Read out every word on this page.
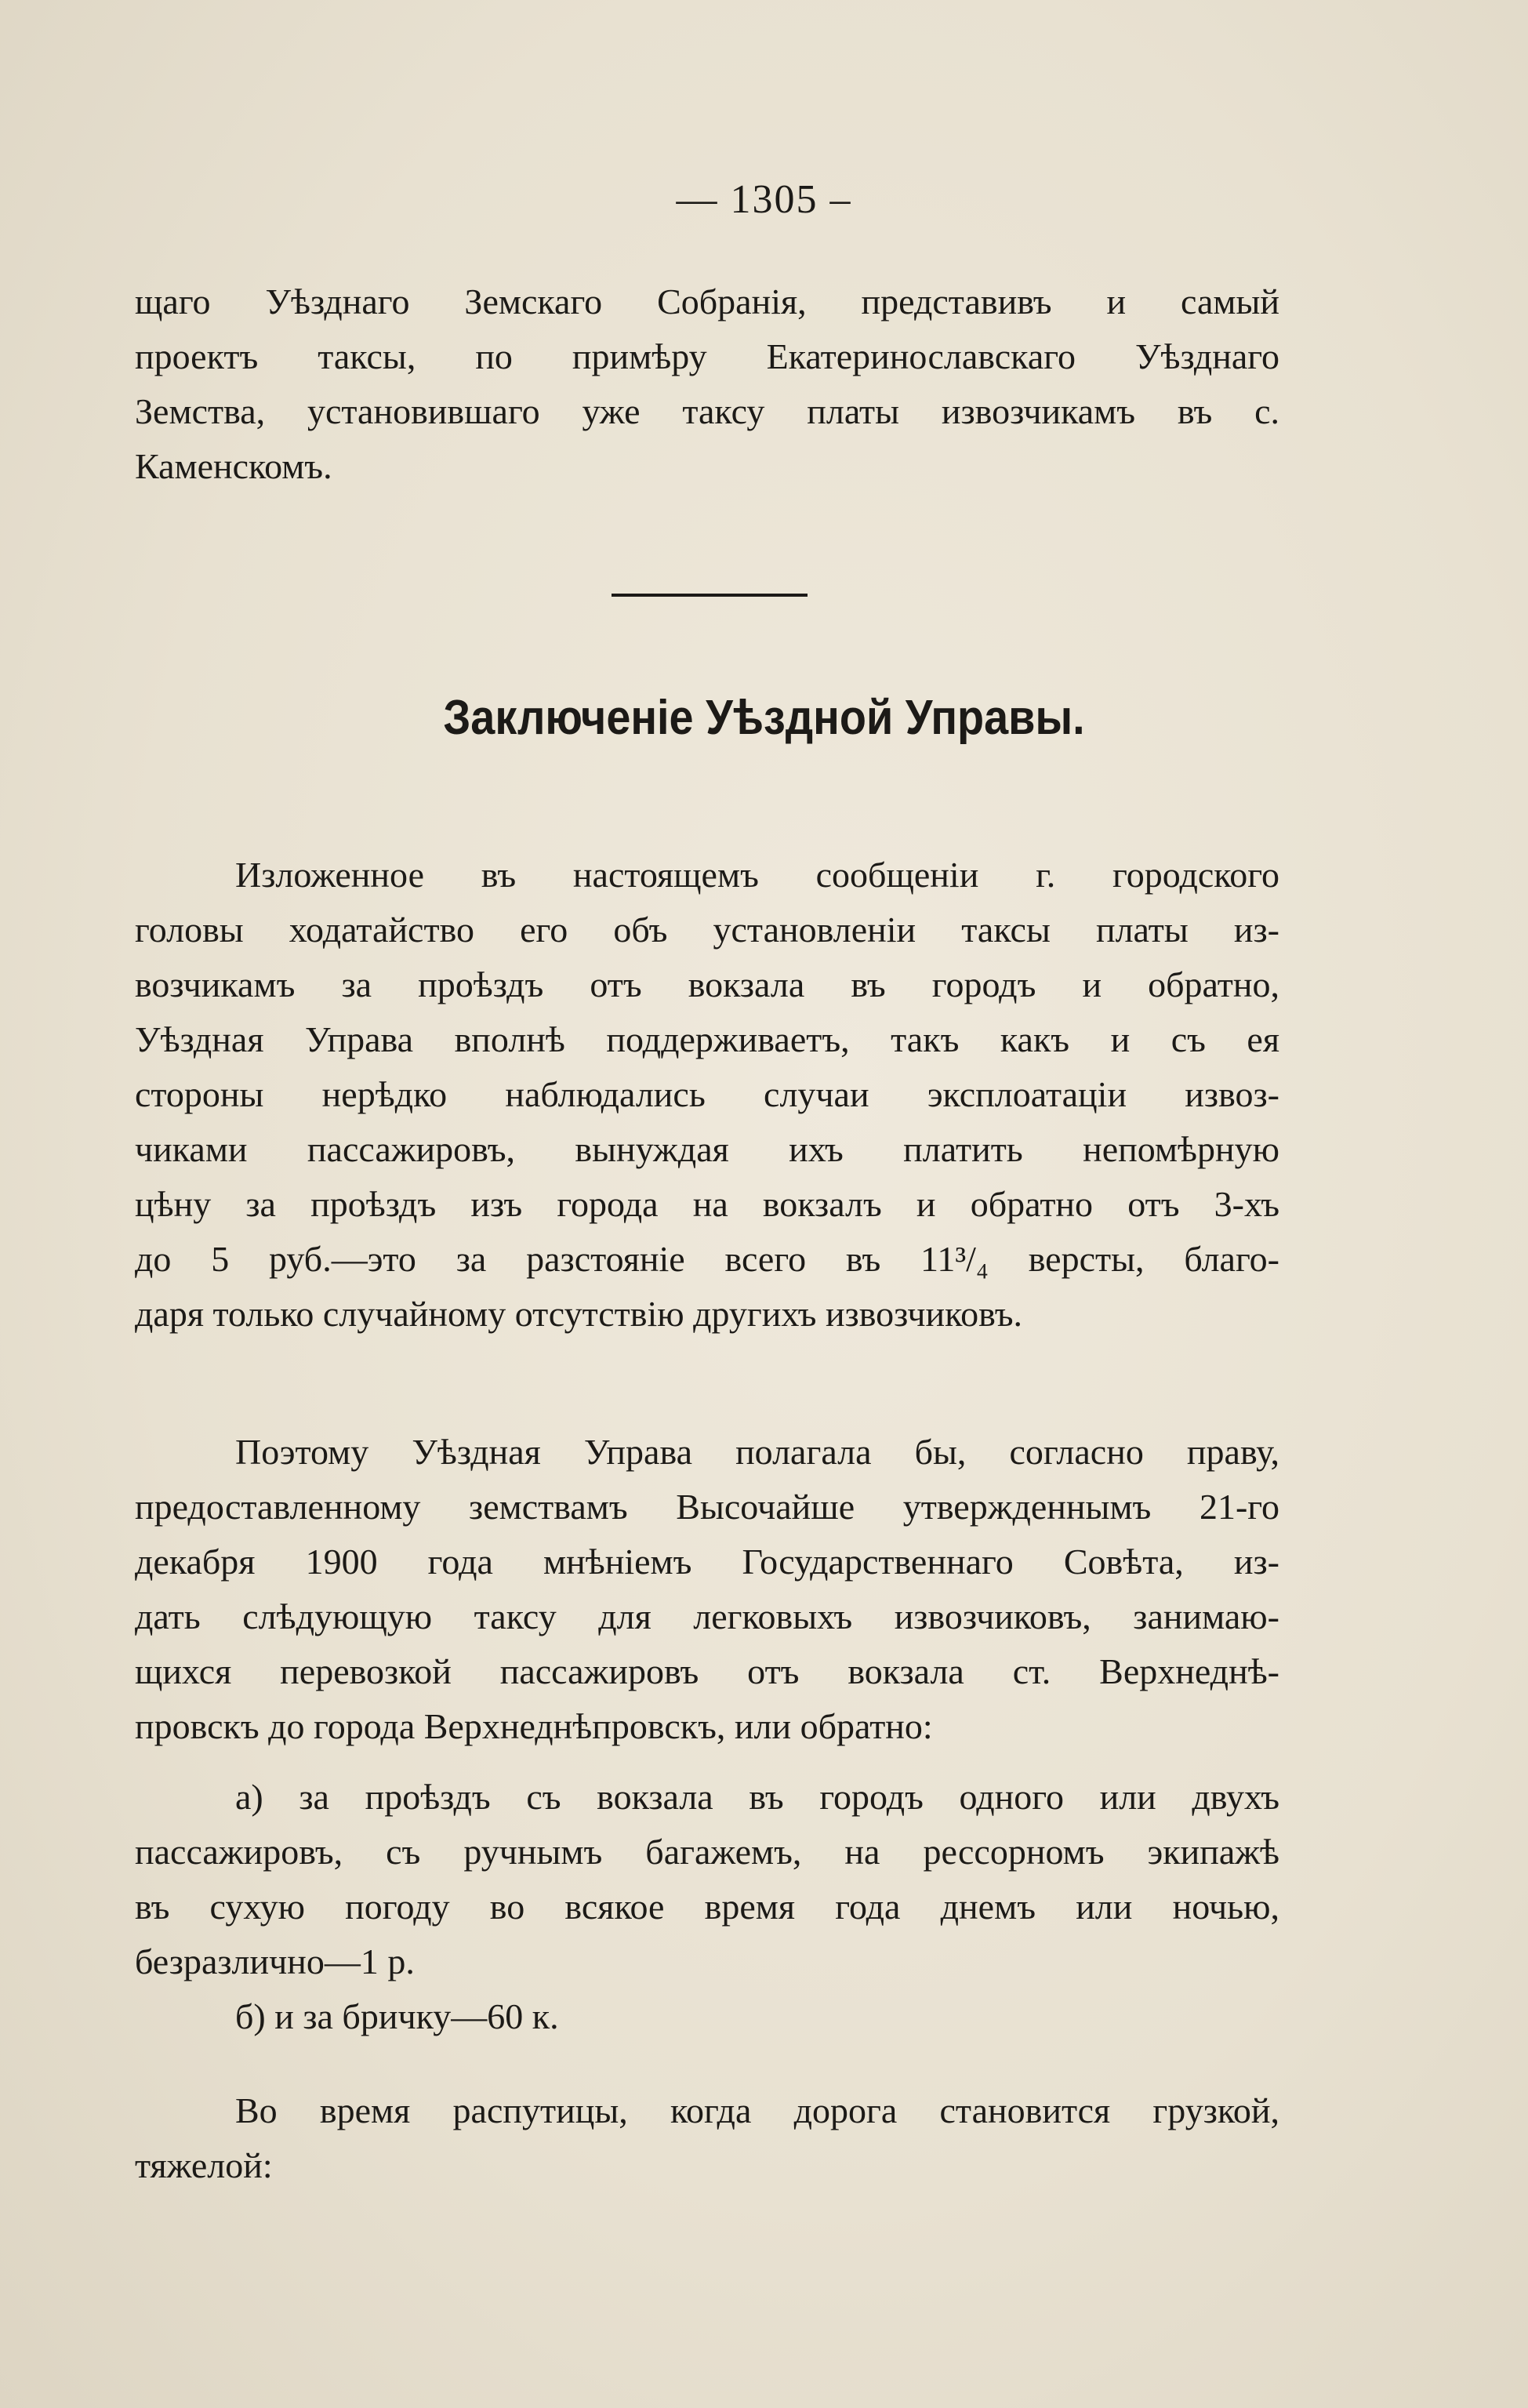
— 1305 –
щаго Уѣзднаго Земскаго Собранія, представивъ и самый
проектъ таксы, по примѣру Екатеринославскаго Уѣзднаго
Земства, установившаго уже таксу платы извозчикамъ въ с.
Каменскомъ.
Заключеніе Уѣздной Управы.
Изложенное въ настоящемъ сообщеніи г. городского
головы ходатайство его объ установленіи таксы платы из-
возчикамъ за проѣздъ отъ вокзала въ городъ и обратно,
Уѣздная Управа вполнѣ поддерживаетъ, такъ какъ и съ ея
стороны нерѣдко наблюдались случаи эксплоатаціи извоз-
чиками пассажировъ, вынуждая ихъ платить непомѣрную
цѣну за проѣздъ изъ города на вокзалъ и обратно отъ 3-хъ
до 5 руб.—это за разстояніе всего въ 11³/₄ версты, благо-
даря только случайному отсутствію другихъ извозчиковъ.
Поэтому Уѣздная Управа полагала бы, согласно праву,
предоставленному земствамъ Высочайше утвержденнымъ 21-го
декабря 1900 года мнѣніемъ Государственнаго Совѣта, из-
дать слѣдующую таксу для легковыхъ извозчиковъ, занимаю-
щихся перевозкой пассажировъ отъ вокзала ст. Верхнеднѣ-
провскъ до города Верхнеднѣпровскъ, или обратно:
а) за проѣздъ съ вокзала въ городъ одного или двухъ
пассажировъ, съ ручнымъ багажемъ, на рессорномъ экипажѣ
въ сухую погоду во всякое время года днемъ или ночью,
безразлично—1 р.
б) и за бричку—60 к.
Во время распутицы, когда дорога становится грузкой,
тяжелой:
